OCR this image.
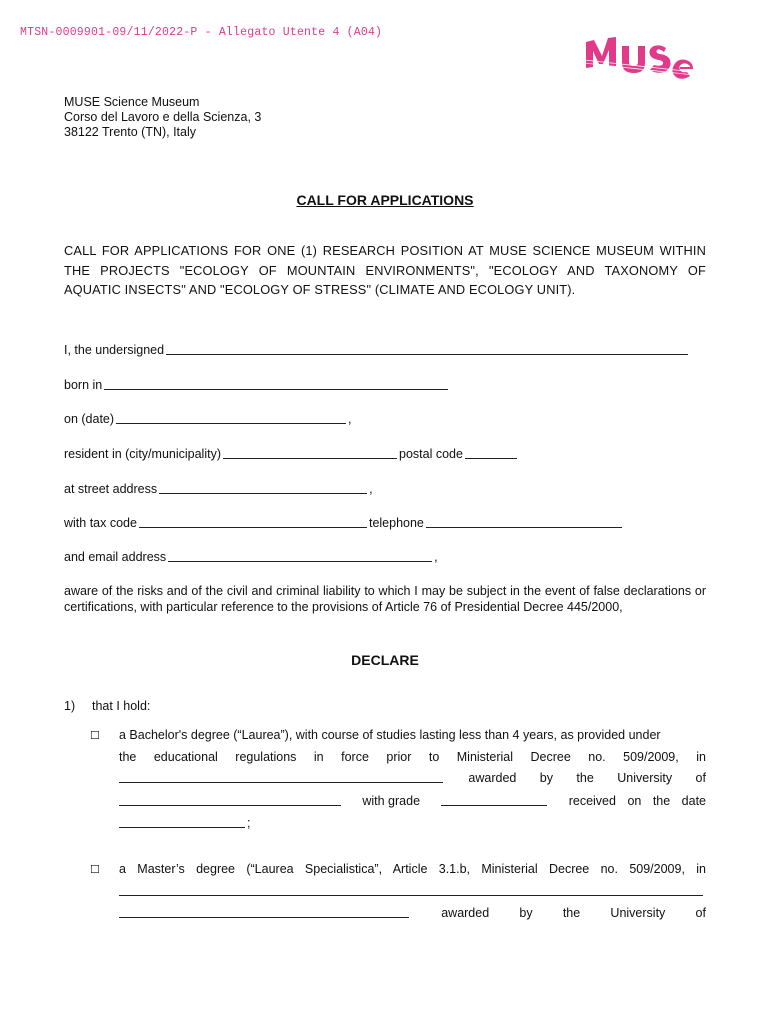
MTSN-0009901-09/11/2022-P - Allegato Utente 4 (A04)
MUSE Science Museum
Corso del Lavoro e della Scienza, 3
38122 Trento (TN), Italy
CALL FOR APPLICATIONS
CALL FOR APPLICATIONS FOR ONE (1) RESEARCH POSITION AT MUSE SCIENCE MUSEUM WITHIN THE PROJECTS "ECOLOGY OF MOUNTAIN ENVIRONMENTS", "ECOLOGY AND TAXONOMY OF AQUATIC INSECTS" AND "ECOLOGY OF STRESS" (CLIMATE AND ECOLOGY UNIT).
I, the undersigned
born in
on (date)	,
resident in (city/municipality)	postal code
at street address	,
with tax code	telephone
and email address	,
aware of the risks and of the civil and criminal liability to which I may be subject in the event of false declarations or certifications, with particular reference to the provisions of Article 76 of Presidential Decree 445/2000,
DECLARE
1) that I hold:
☐ a Bachelor's degree (“Laurea”), with course of studies lasting less than 4 years, as provided under
the educational regulations in force prior to Ministerial Decree no. 509/2009, in
awarded by the University of
with grade	received on the date
;
☐ a Master’s degree (“Laurea Specialistica”, Article 3.1.b, Ministerial Decree no. 509/2009, in
awarded by the University of
